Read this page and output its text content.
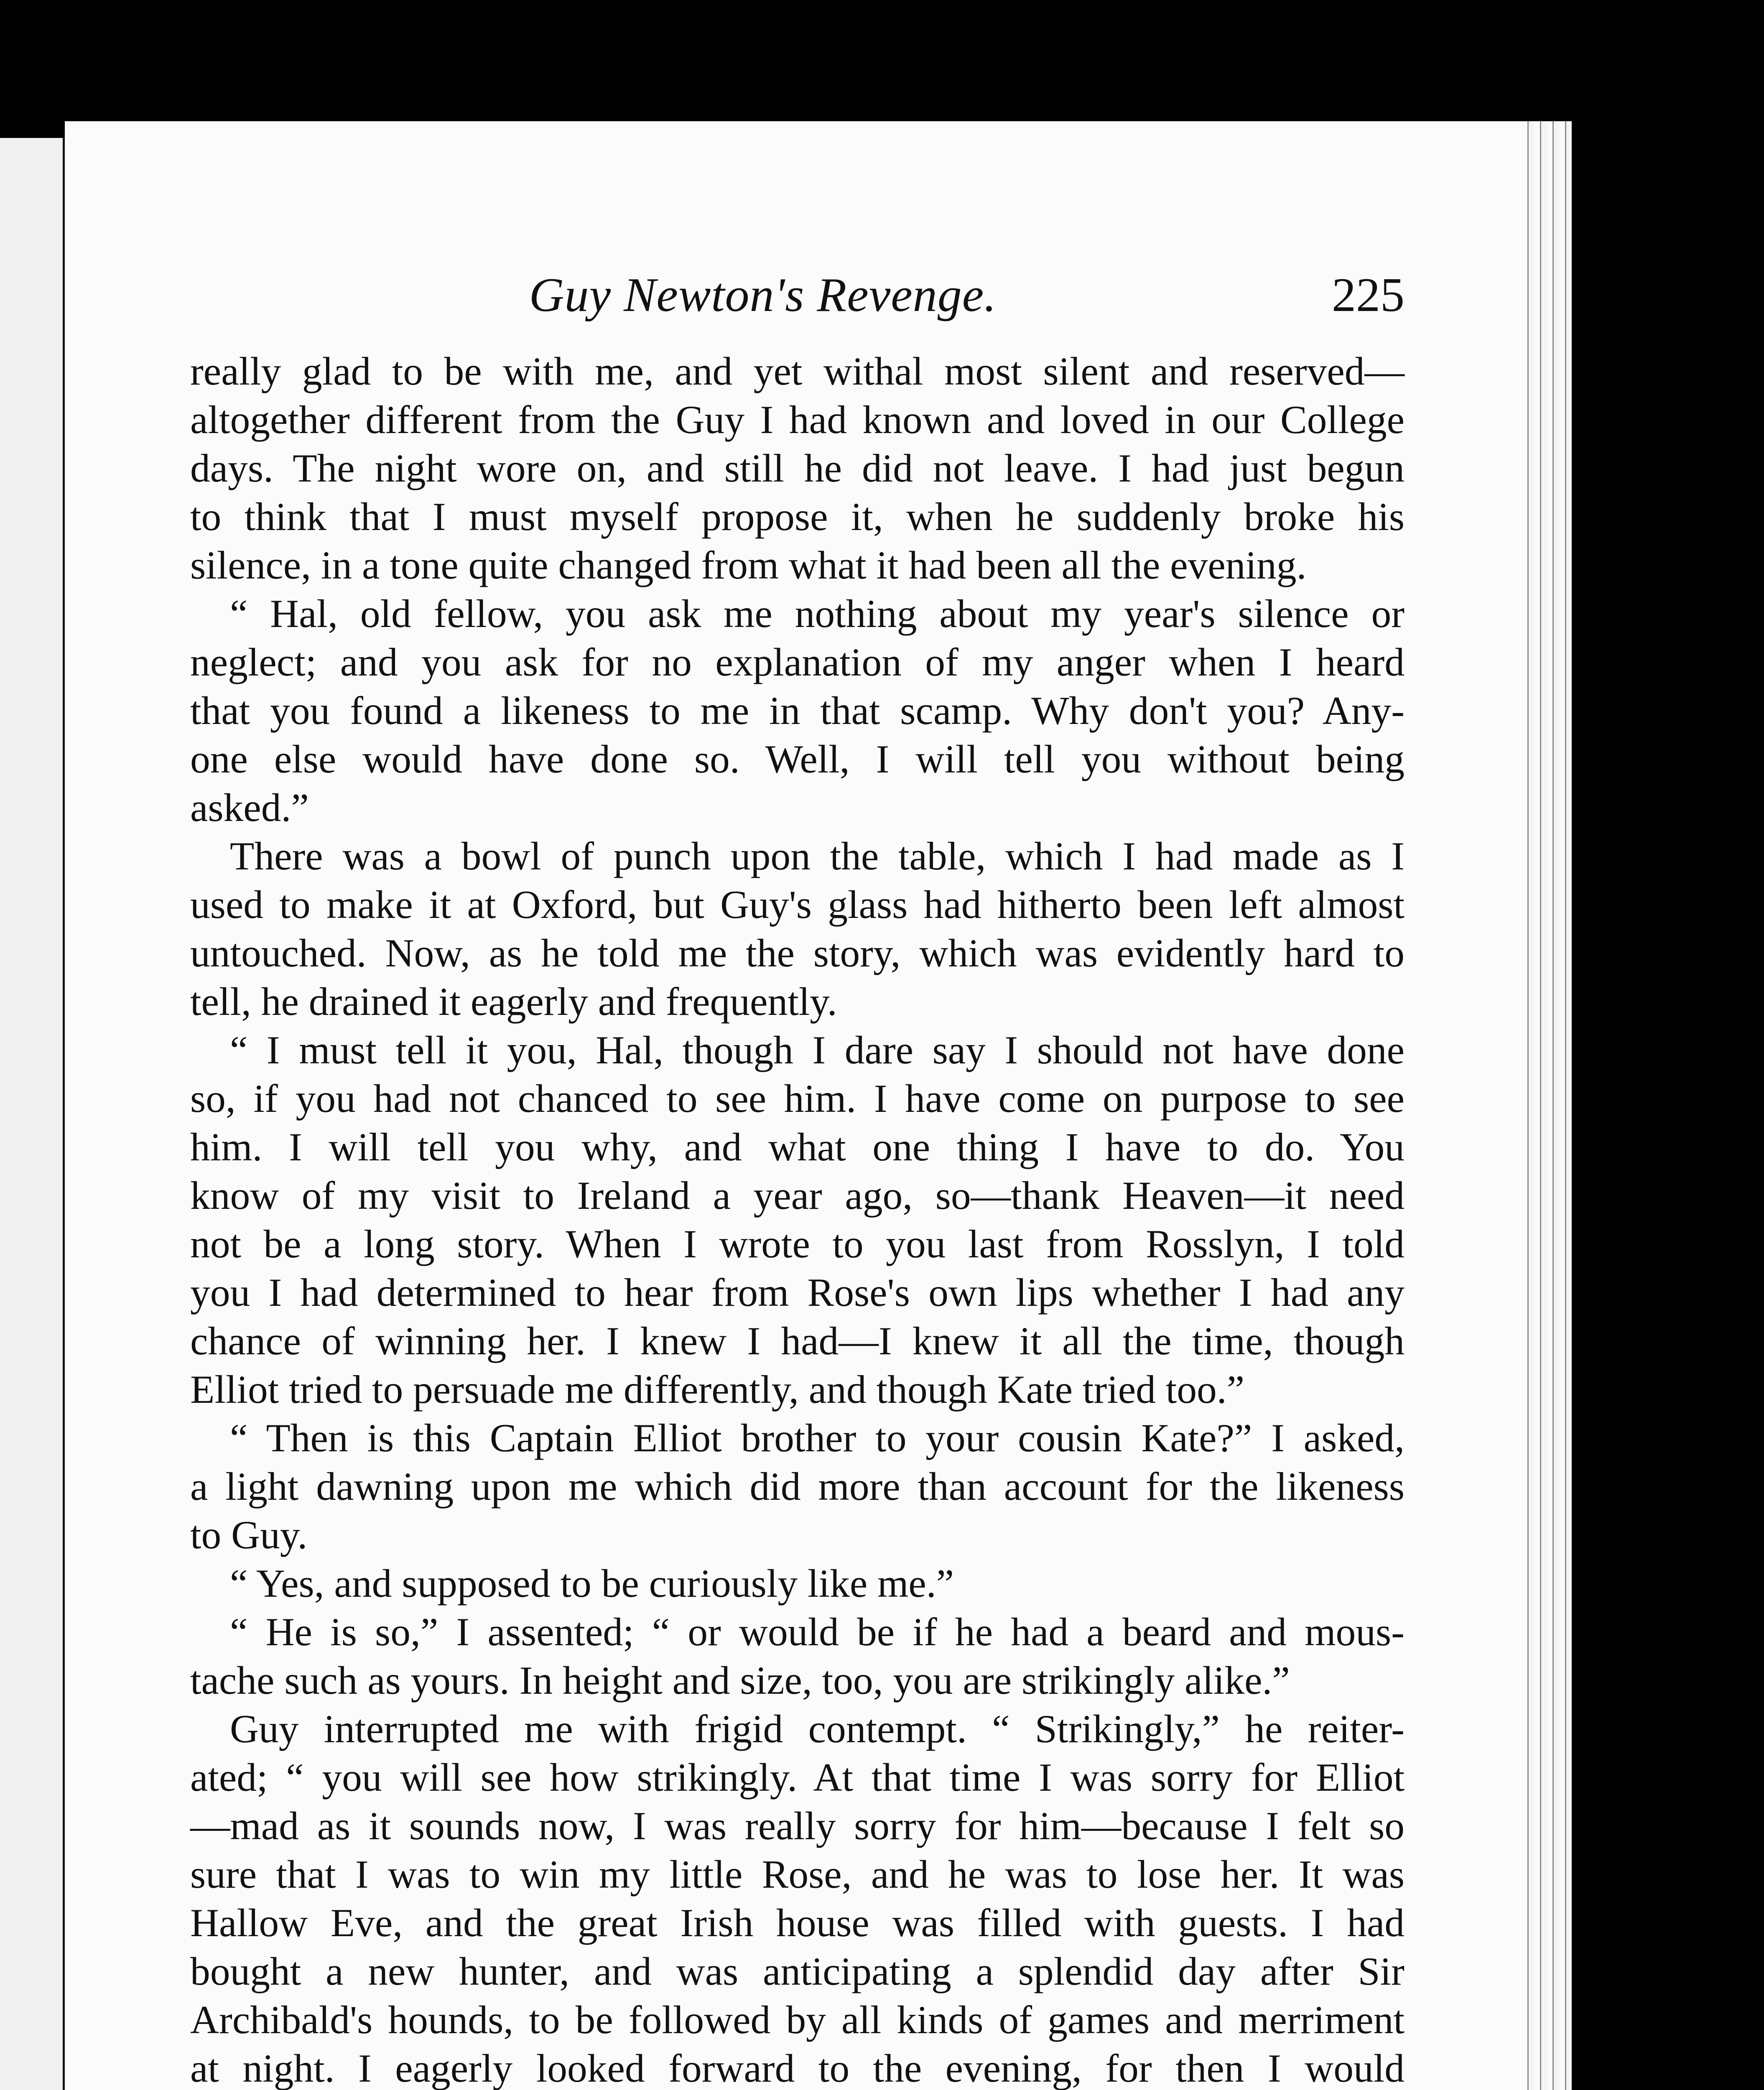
Guy Newton's Revenge.	225

really glad to be with me, and yet withal most silent and reserved—

altogether different from the Guy I had known and loved in our College

days. The night wore on, and still he did not leave. I had just begun

to think that I must myself propose it, when he suddenly broke his

silence, in a tone quite changed from what it had been all the evening.

“ Hal, old fellow, you ask me nothing about my year's silence or

neglect; and you ask for no explanation of my anger when I heard

that you found a likeness to me in that scamp. Why don't you? Any-

one else would have done so. Well, I will tell you without being

asked.”

There was a bowl of punch upon the table, which I had made as I

used to make it at Oxford, but Guy's glass had hitherto been left almost

untouched. Now, as he told me the story, which was evidently hard to

tell, he drained it eagerly and frequently.

“ I must tell it you, Hal, though I dare say I should not have done

so, if you had not chanced to see him. I have come on purpose to see

him. I will tell you why, and what one thing I have to do. You

know of my visit to Ireland a year ago, so—thank Heaven—it need

not be a long story. When I wrote to you last from Rosslyn, I told

you I had determined to hear from Rose's own lips whether I had any

chance of winning her. I knew I had—I knew it all the time, though

Elliot tried to persuade me differently, and though Kate tried too.”

“ Then is this Captain Elliot brother to your cousin Kate?” I asked,

a light dawning upon me which did more than account for the likeness

to Guy.

“ Yes, and supposed to be curiously like me.”

“ He is so,” I assented; “ or would be if he had a beard and mous-

tache such as yours. In height and size, too, you are strikingly alike.”

Guy interrupted me with frigid contempt. “ Strikingly,” he reiter-

ated; “ you will see how strikingly. At that time I was sorry for Elliot

—mad as it sounds now, I was really sorry for him—because I felt so

sure that I was to win my little Rose, and he was to lose her. It was

Hallow Eve, and the great Irish house was filled with guests. I had

bought a new hunter, and was anticipating a splendid day after Sir

Archibald's hounds, to be followed by all kinds of games and merriment

at night. I eagerly looked forward to the evening, for then I would
